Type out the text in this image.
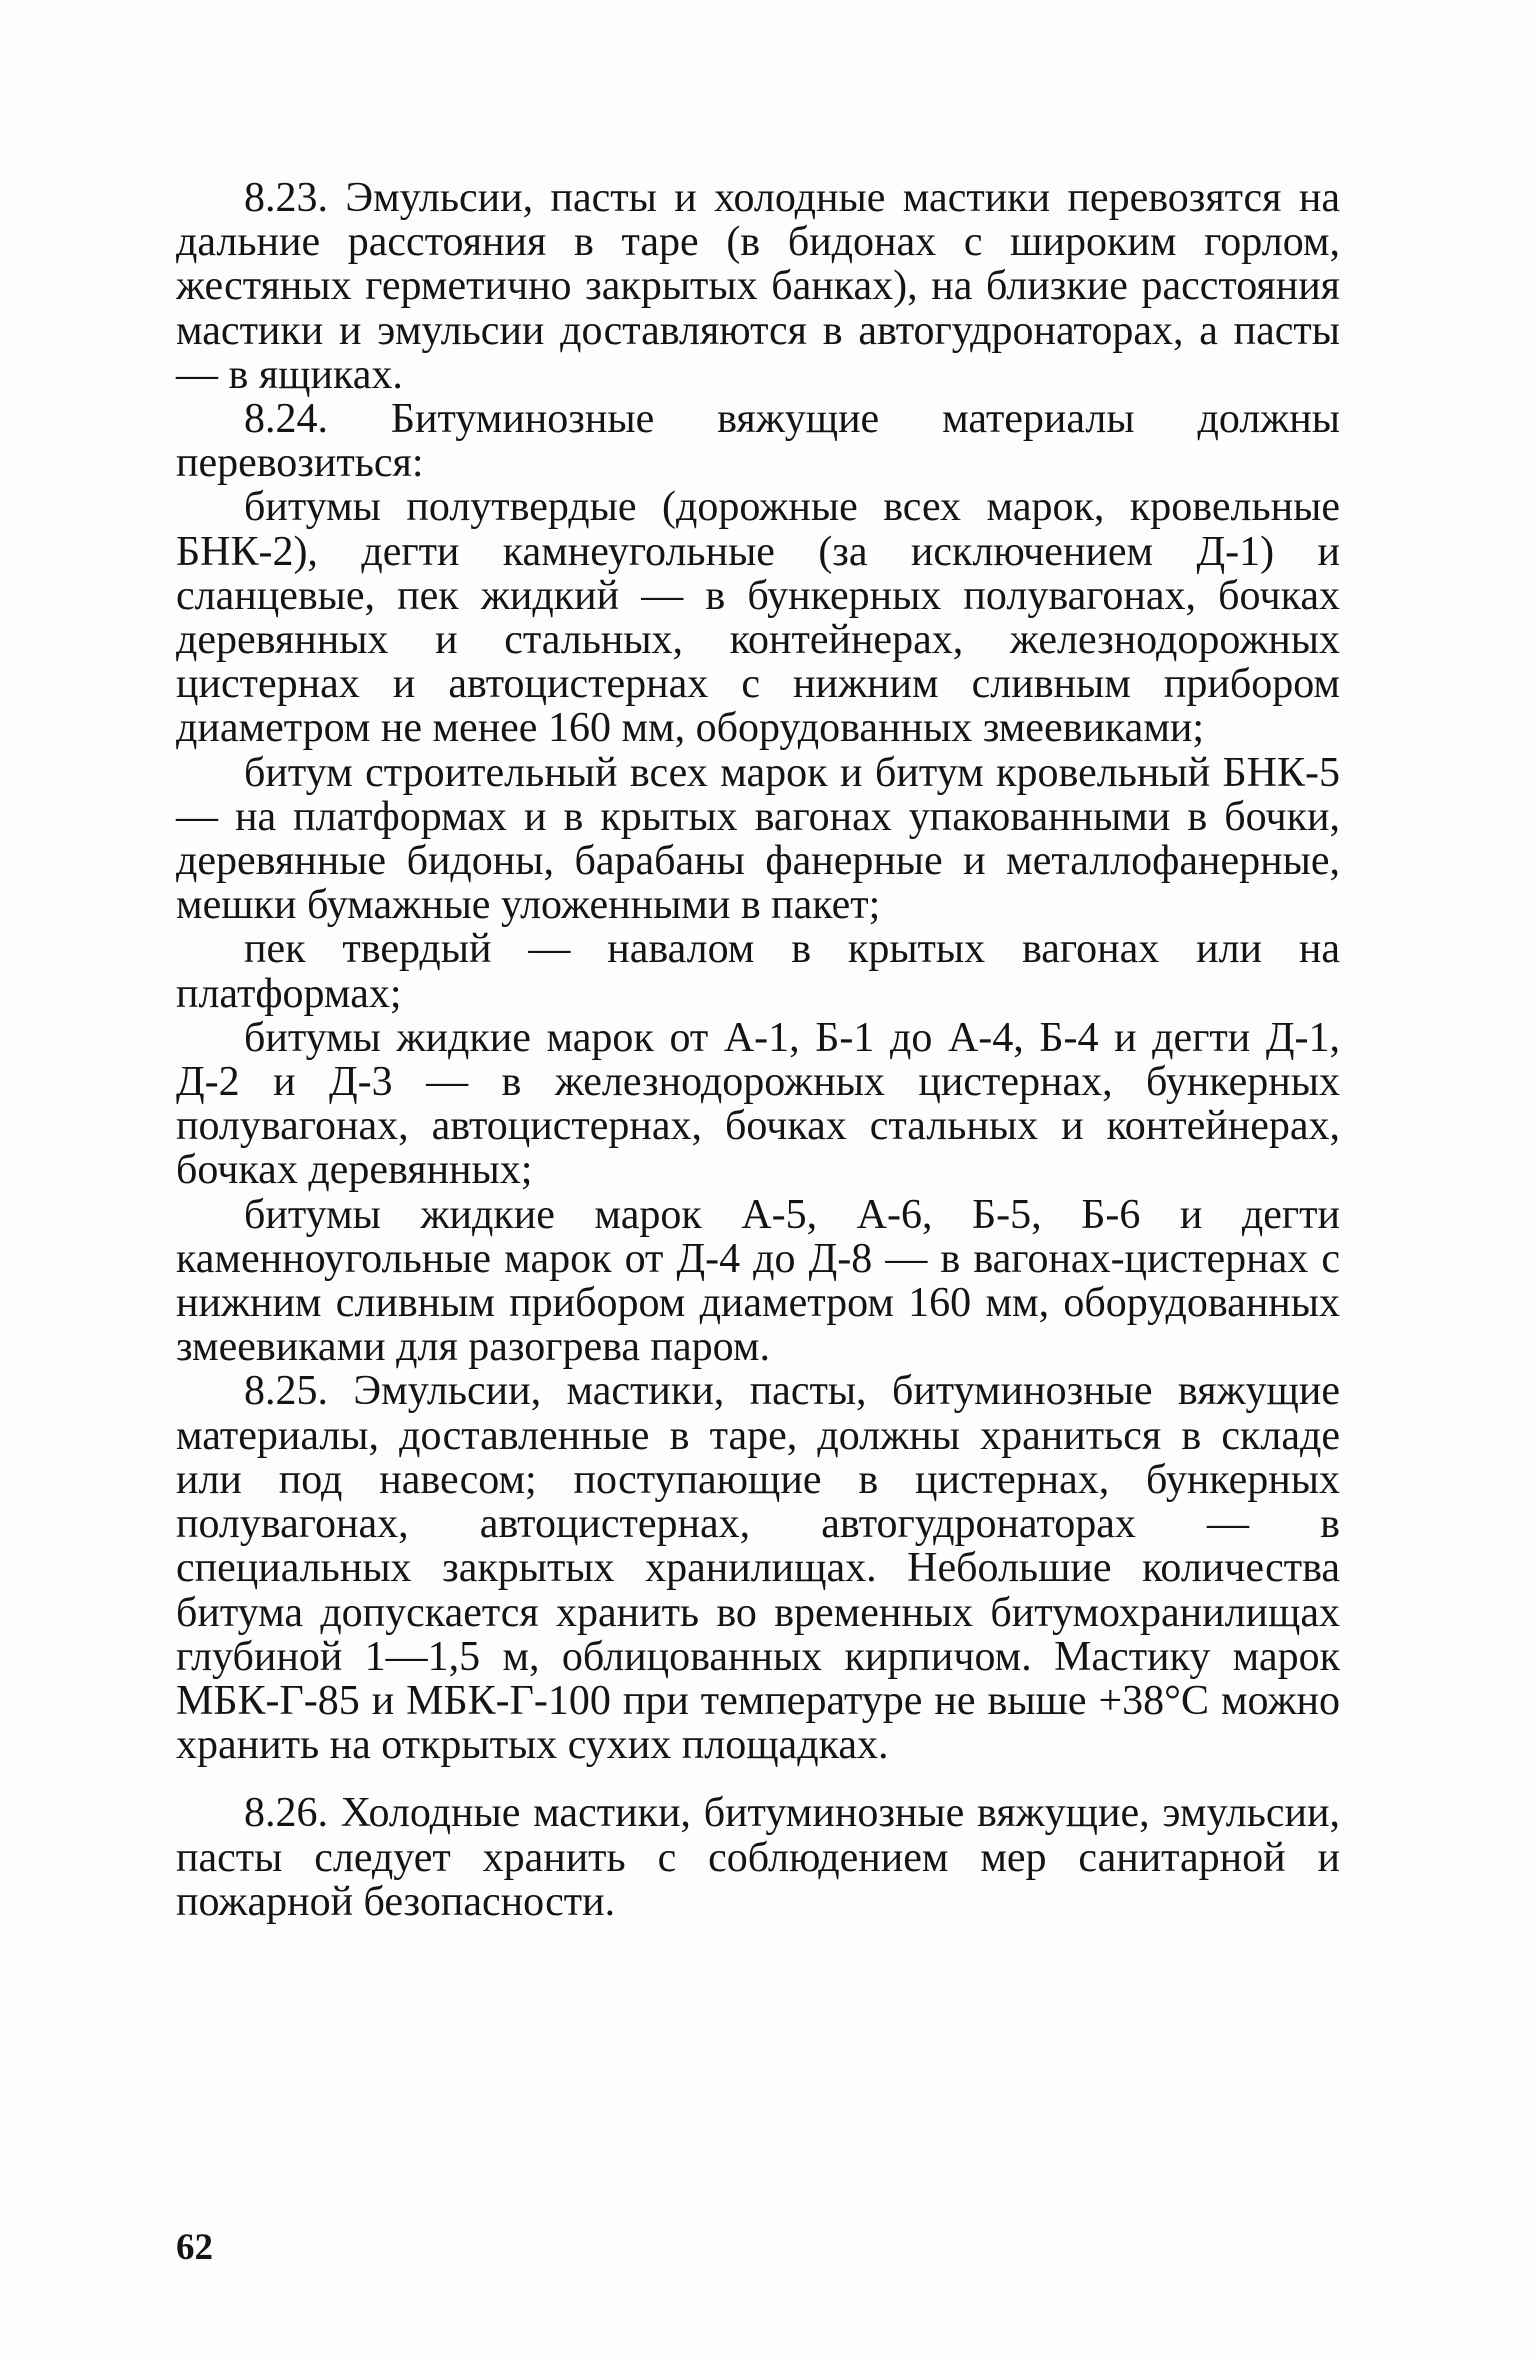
8.23. Эмульсии, пасты и холодные мастики перевозятся на дальние расстояния в таре (в бидонах с широким горлом, жестяных герметично закрытых банках), на близкие расстояния мастики и эмульсии доставляются в автогудронаторах, а пасты — в ящиках.

8.24. Битуминозные вяжущие материалы должны перевозиться:

битумы полутвердые (дорожные всех марок, кровельные БНК-2), дегти камнеугольные (за исключением Д-1) и сланцевые, пек жидкий — в бункерных полувагонах, бочках деревянных и стальных, контейнерах, железнодорожных цистернах и автоцистернах с нижним сливным прибором диаметром не менее 160 мм, оборудованных змеевиками;

битум строительный всех марок и битум кровельный БНК-5 — на платформах и в крытых вагонах упакованными в бочки, деревянные бидоны, барабаны фанерные и металлофанерные, мешки бумажные уложенными в пакет;

пек твердый — навалом в крытых вагонах или на платформах;

битумы жидкие марок от А-1, Б-1 до А-4, Б-4 и дегти Д-1, Д-2 и Д-3 — в железнодорожных цистернах, бункерных полувагонах, автоцистернах, бочках стальных и контейнерах, бочках деревянных;

битумы жидкие марок А-5, А-6, Б-5, Б-6 и дегти каменноугольные марок от Д-4 до Д-8 — в вагонах-цистернах с нижним сливным прибором диаметром 160 мм, оборудованных змеевиками для разогрева паром.

8.25. Эмульсии, мастики, пасты, битуминозные вяжущие материалы, доставленные в таре, должны храниться в складе или под навесом; поступающие в цистернах, бункерных полувагонах, автоцистернах, автогудронаторах — в специальных закрытых хранилищах. Небольшие количества битума допускается хранить во временных битумохранилищах глубиной 1—1,5 м, облицованных кирпичом. Мастику марок МБК-Г-85 и МБК-Г-100 при температуре не выше +38°С можно хранить на открытых сухих площадках.

8.26. Холодные мастики, битуминозные вяжущие, эмульсии, пасты следует хранить с соблюдением мер санитарной и пожарной безопасности.

62
